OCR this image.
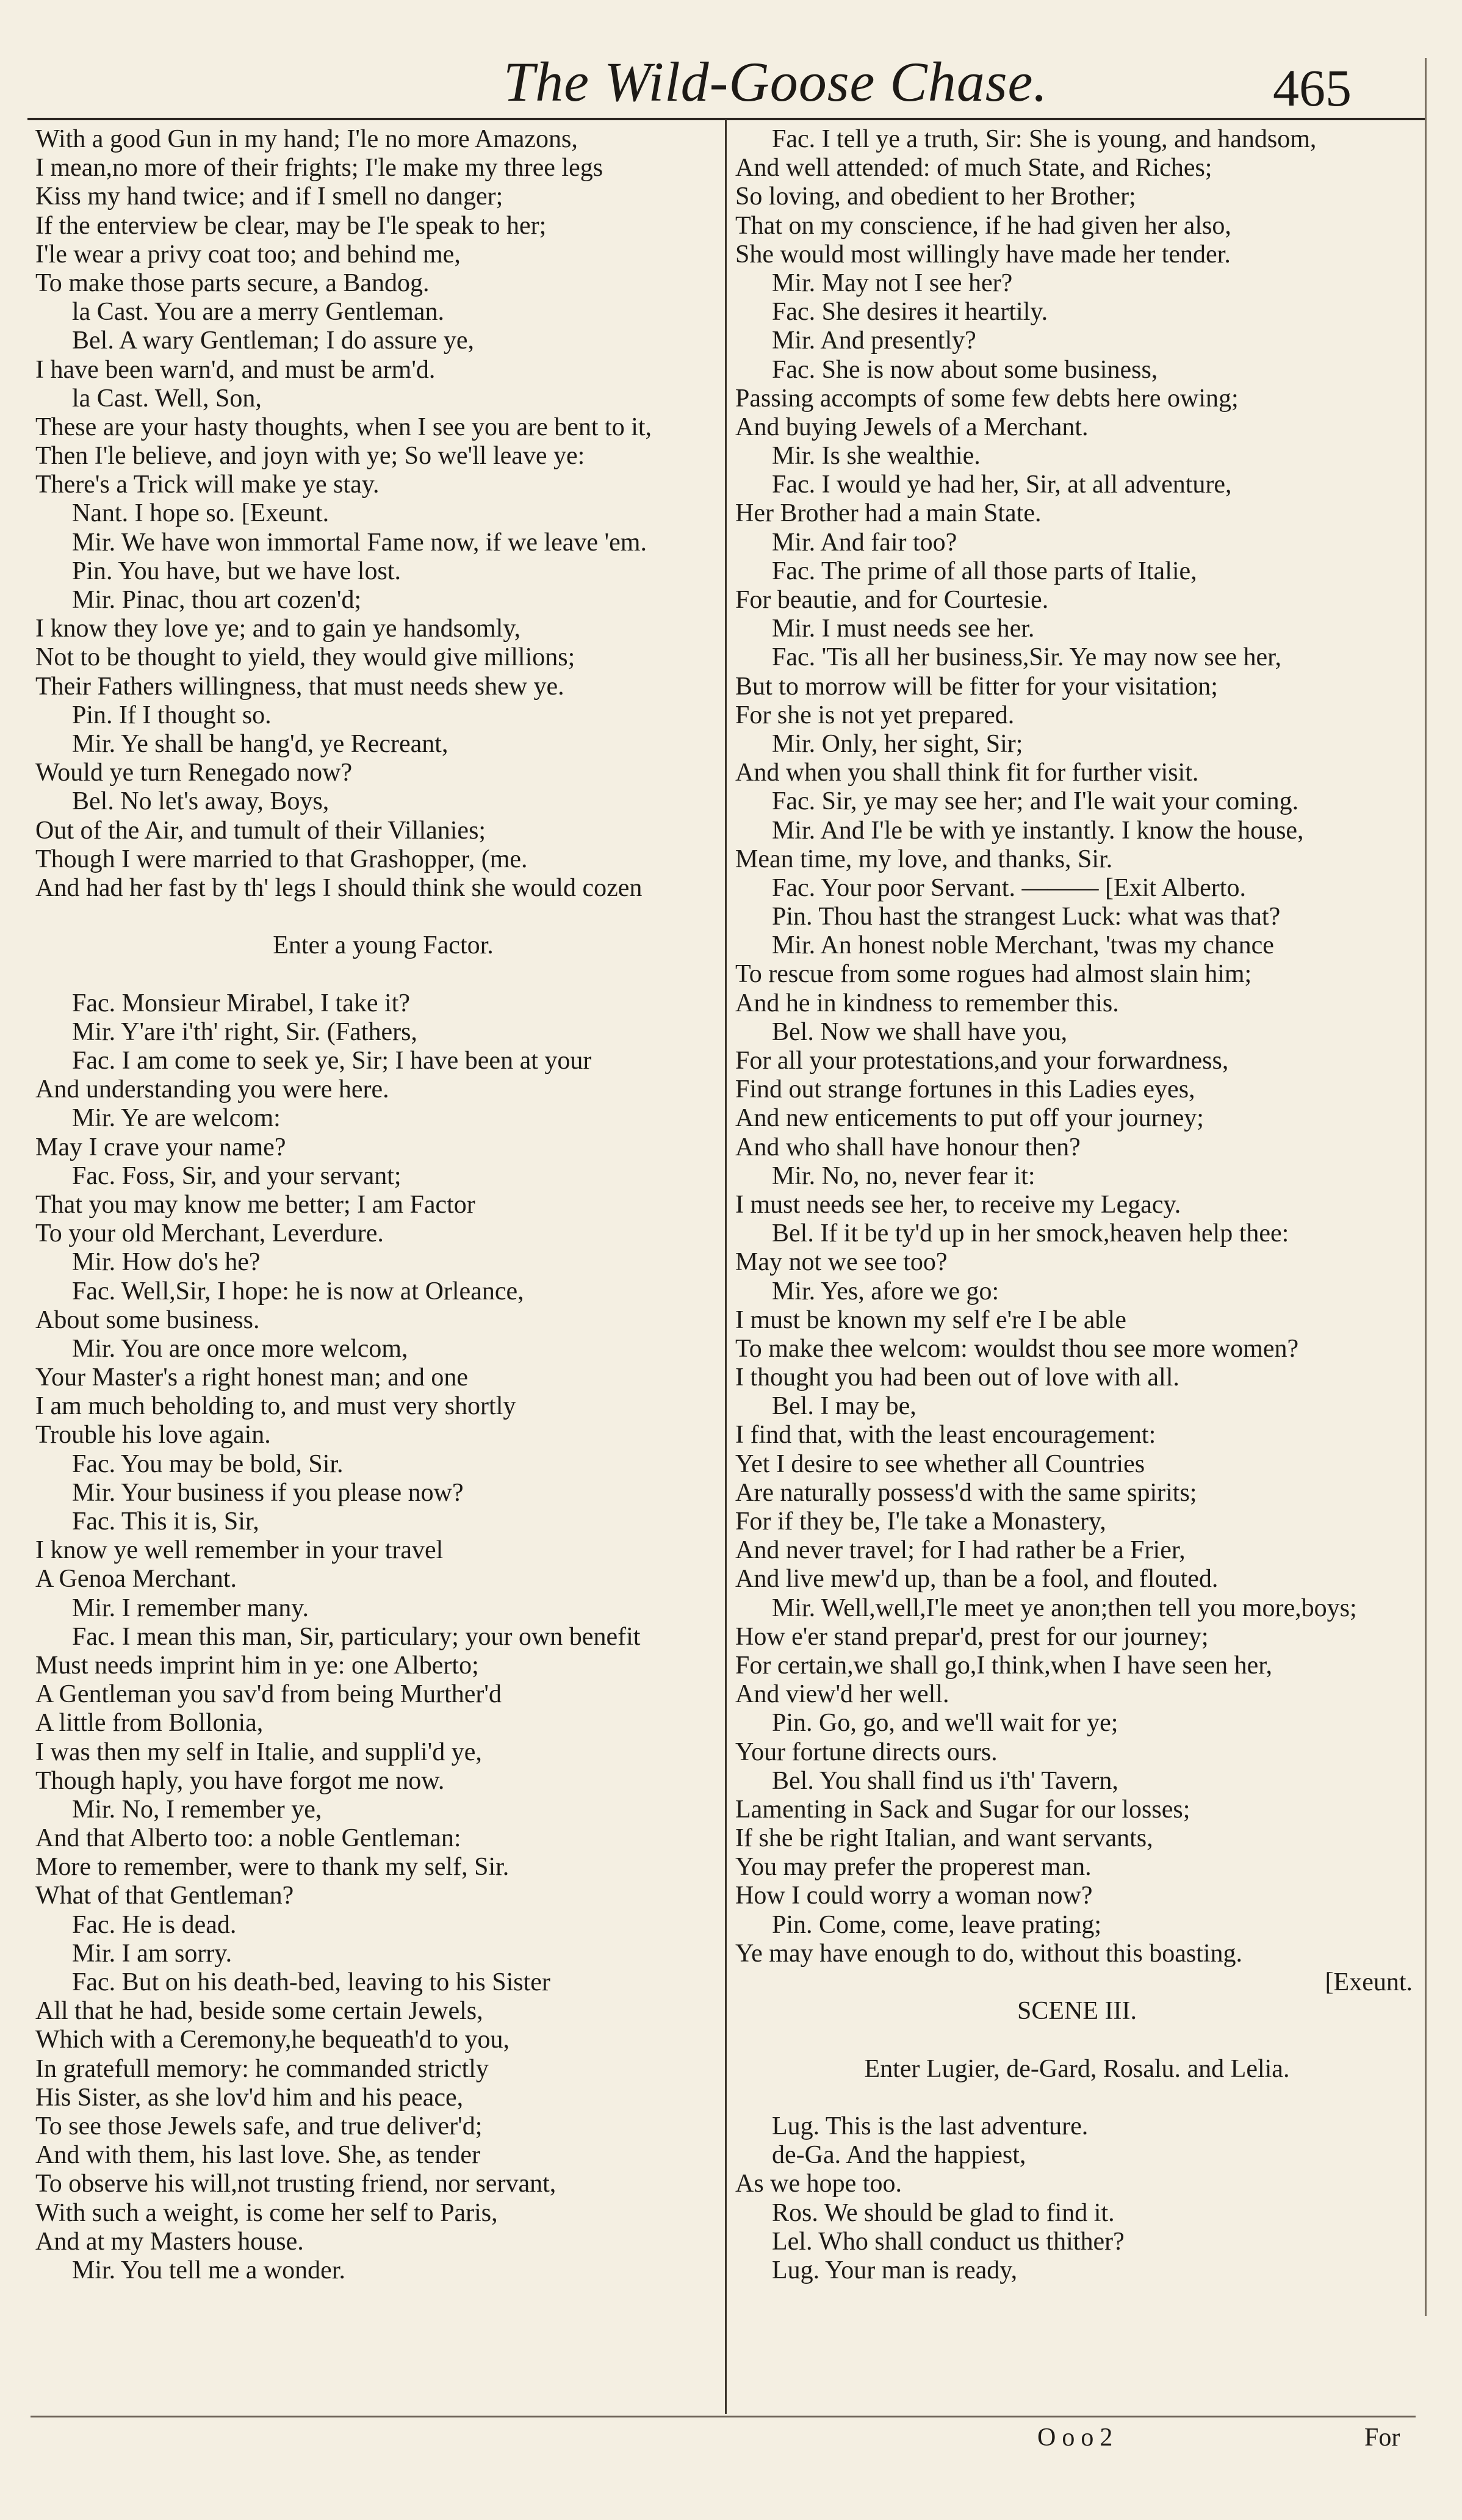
The Wild-Goose Chase.	465
With a good Gun in my hand; I'le no more Amazons,
I mean,no more of their frights; I'le make my three legs
Kiss my hand twice; and if I smell no danger;
If the enterview be clear, may be I'le speak to her;
I'le wear a privy coat too; and behind me,
To make those parts secure, a Bandog.
la Cast. You are a merry Gentleman.
Bel. A wary Gentleman; I do assure ye,
I have been warn'd, and must be arm'd.
la Cast. Well, Son,
These are your hasty thoughts, when I see you are bent to it,
Then I'le believe, and joyn with ye; So we'll leave ye:
There's a Trick will make ye stay.
Nant. I hope so. [Exeunt.
Mir. We have won immortal Fame now, if we leave 'em.
Pin. You have, but we have lost.
Mir. Pinac, thou art cozen'd;
I know they love ye; and to gain ye handsomly,
Not to be thought to yield, they would give millions;
Their Fathers willingness, that must needs shew ye.
Pin. If I thought so.
Mir. Ye shall be hang'd, ye Recreant,
Would ye turn Renegado now?
Bel. No let's away, Boys,
Out of the Air, and tumult of their Villanies;
Though I were married to that Grashopper, (me.
And had her fast by th' legs I should think she would cozen
Enter a young Factor.
Fac. Monsieur Mirabel, I take it?
Mir. Y'are i'th' right, Sir. (Fathers,
Fac. I am come to seek ye, Sir; I have been at your
And understanding you were here.
Mir. Ye are welcom:
May I crave your name?
Fac. Foss, Sir, and your servant;
That you may know me better; I am Factor
To your old Merchant, Leverdure.
Mir. How do's he?
Fac. Well,Sir, I hope: he is now at Orleance,
About some business.
Mir. You are once more welcom,
Your Master's a right honest man; and one
I am much beholding to, and must very shortly
Trouble his love again.
Fac. You may be bold, Sir.
Mir. Your business if you please now?
Fac. This it is, Sir,
I know ye well remember in your travel
A Genoa Merchant.
Mir. I remember many.
Fac. I mean this man, Sir, particulary; your own benefit
Must needs imprint him in ye: one Alberto;
A Gentleman you sav'd from being Murther'd
A little from Bollonia,
I was then my self in Italie, and suppli'd ye,
Though haply, you have forgot me now.
Mir. No, I remember ye,
And that Alberto too: a noble Gentleman:
More to remember, were to thank my self, Sir.
What of that Gentleman?
Fac. He is dead.
Mir. I am sorry.
Fac. But on his death-bed, leaving to his Sister
All that he had, beside some certain Jewels,
Which with a Ceremony,he bequeath'd to you,
In gratefull memory: he commanded strictly
His Sister, as she lov'd him and his peace,
To see those Jewels safe, and true deliver'd;
And with them, his last love. She, as tender
To observe his will,not trusting friend, nor servant,
With such a weight, is come her self to Paris,
And at my Masters house.
Mir. You tell me a wonder.
Fac. I tell ye a truth, Sir: She is young, and handsom,
And well attended: of much State, and Riches;
So loving, and obedient to her Brother;
That on my conscience, if he had given her also,
She would most willingly have made her tender.
Mir. May not I see her?
Fac. She desires it heartily.
Mir. And presently?
Fac. She is now about some business,
Passing accompts of some few debts here owing;
And buying Jewels of a Merchant.
Mir. Is she wealthie.
Fac. I would ye had her, Sir, at all adventure,
Her Brother had a main State.
Mir. And fair too?
Fac. The prime of all those parts of Italie,
For beautie, and for Courtesie.
Mir. I must needs see her.
Fac. 'Tis all her business,Sir. Ye may now see her,
But to morrow will be fitter for your visitation;
For she is not yet prepared.
Mir. Only, her sight, Sir;
And when you shall think fit for further visit.
Fac. Sir, ye may see her; and I'le wait your coming.
Mir. And I'le be with ye instantly. I know the house,
Mean time, my love, and thanks, Sir.
Fac. Your poor Servant. ——— [Exit Alberto.
Pin. Thou hast the strangest Luck: what was that?
Mir. An honest noble Merchant, 'twas my chance
To rescue from some rogues had almost slain him;
And he in kindness to remember this.
Bel. Now we shall have you,
For all your protestations,and your forwardness,
Find out strange fortunes in this Ladies eyes,
And new enticements to put off your journey;
And who shall have honour then?
Mir. No, no, never fear it:
I must needs see her, to receive my Legacy.
Bel. If it be ty'd up in her smock,heaven help thee:
May not we see too?
Mir. Yes, afore we go:
I must be known my self e're I be able
To make thee welcom: wouldst thou see more women?
I thought you had been out of love with all.
Bel. I may be,
I find that, with the least encouragement:
Yet I desire to see whether all Countries
Are naturally possess'd with the same spirits;
For if they be, I'le take a Monastery,
And never travel; for I had rather be a Frier,
And live mew'd up, than be a fool, and flouted.
Mir. Well,well,I'le meet ye anon;then tell you more,boys;
How e'er stand prepar'd, prest for our journey;
For certain,we shall go,I think,when I have seen her,
And view'd her well.
Pin. Go, go, and we'll wait for ye;
Your fortune directs ours.
Bel. You shall find us i'th' Tavern,
Lamenting in Sack and Sugar for our losses;
If she be right Italian, and want servants,
You may prefer the properest man.
How I could worry a woman now?
Pin. Come, come, leave prating;
Ye may have enough to do, without this boasting.
[Exeunt.
SCENE III.
Enter Lugier, de-Gard, Rosalu. and Lelia.
Lug. This is the last adventure.
de-Ga. And the happiest,
As we hope too.
Ros. We should be glad to find it.
Lel. Who shall conduct us thither?
Lug. Your man is ready,
Ooo2	For
